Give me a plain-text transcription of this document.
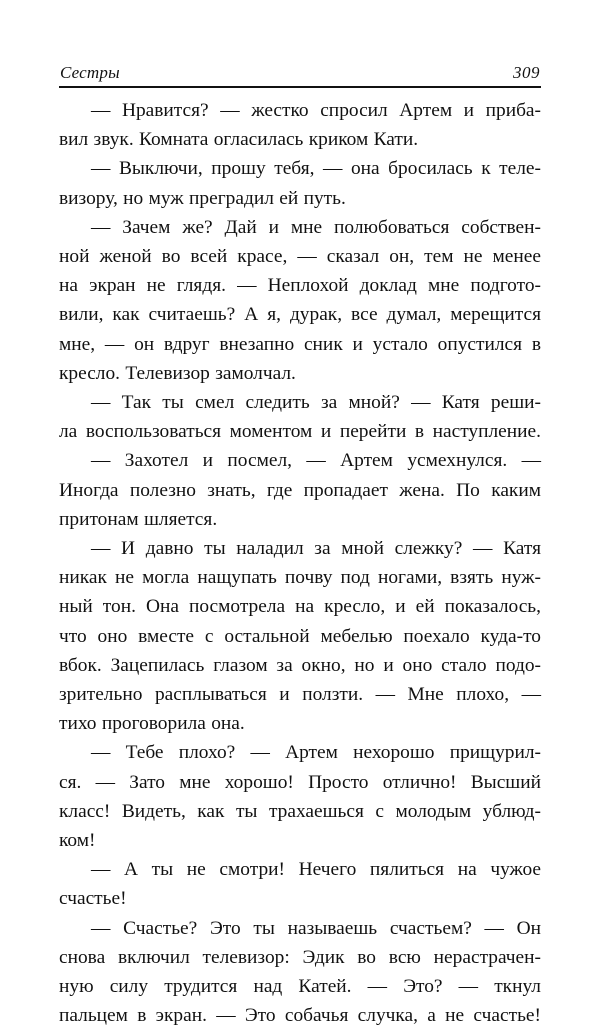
Сестры	309

— Нравится? — жестко спросил Артем и приба-
вил звук. Комната огласилась криком Кати.

— Выключи, прошу тебя, — она бросилась к теле-
визору, но муж преградил ей путь.

— Зачем же? Дай и мне полюбоваться собствен-
ной женой во всей красе, — сказал он, тем не менее
на экран не глядя. — Неплохой доклад мне подгото-
вили, как считаешь? А я, дурак, все думал, мерещится
мне, — он вдруг внезапно сник и устало опустился в
кресло. Телевизор замолчал.

— Так ты смел следить за мной? — Катя реши-
ла воспользоваться моментом и перейти в наступление.

— Захотел и посмел, — Артем усмехнулся. —
Иногда полезно знать, где пропадает жена. По каким
притонам шляется.

— И давно ты наладил за мной слежку? — Катя
никак не могла нащупать почву под ногами, взять нуж-
ный тон. Она посмотрела на кресло, и ей показалось,
что оно вместе с остальной мебелью поехало куда-то
вбок. Зацепилась глазом за окно, но и оно стало подо-
зрительно расплываться и ползти. — Мне плохо, —
тихо проговорила она.

— Тебе плохо? — Артем нехорошо прищурил-
ся. — Зато мне хорошо! Просто отлично! Высший
класс! Видеть, как ты трахаешься с молодым ублюд-
ком!

— А ты не смотри! Нечего пялиться на чужое
счастье!

— Счастье? Это ты называешь счастьем? — Он
снова включил телевизор: Эдик во всю нерастрачен-
ную силу трудится над Катей. — Это? — ткнул
пальцем в экран. — Это собачья случка, а не счастье!
